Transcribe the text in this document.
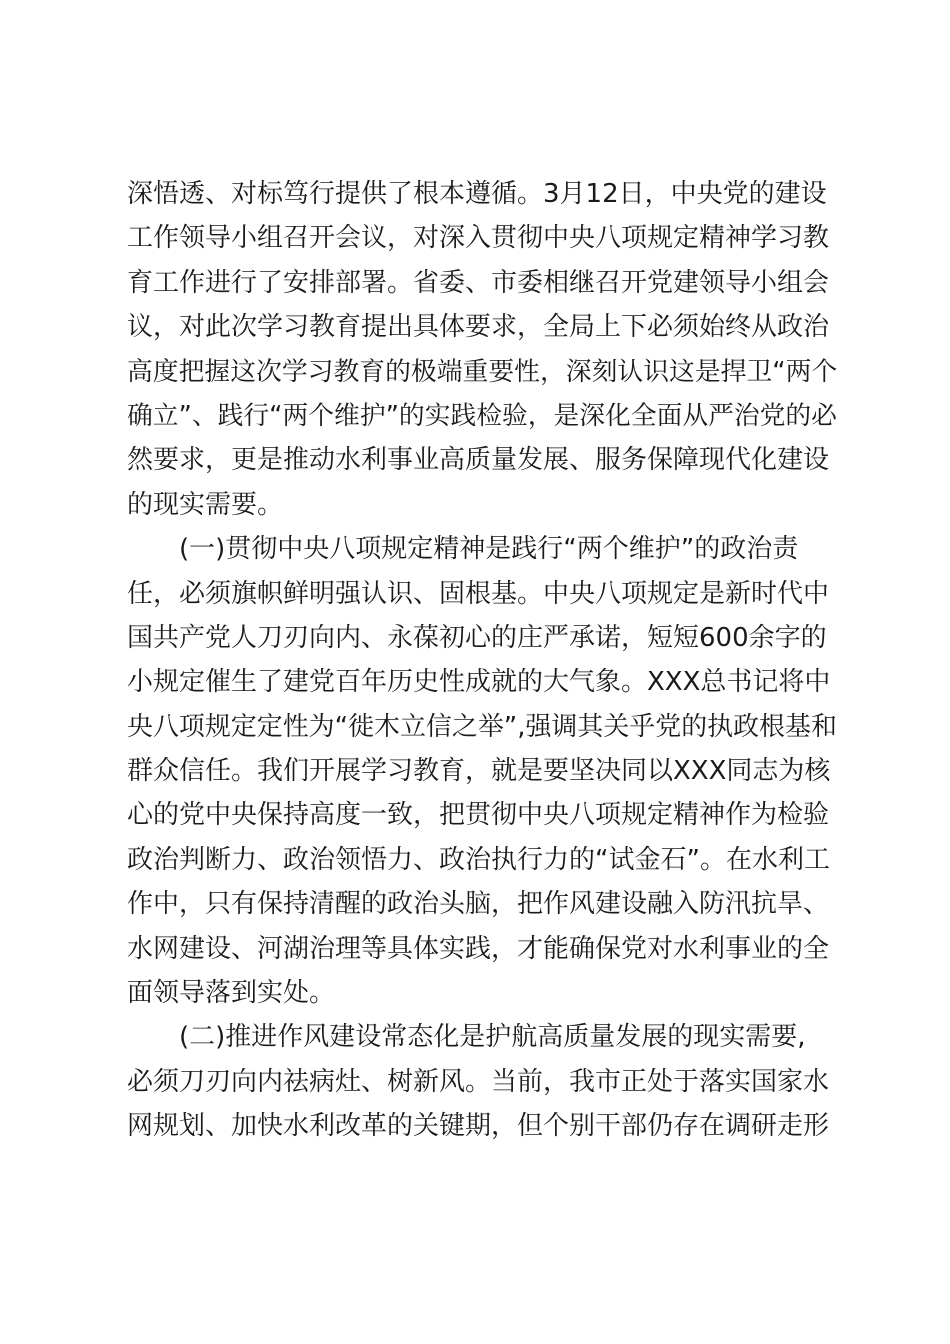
深悟透、对标笃行提供了根本遵循。3月12日，中央党的建设
工作领导小组召开会议，对深入贯彻中央八项规定精神学习教
育工作进行了安排部署。省委、市委相继召开党建领导小组会
议，对此次学习教育提出具体要求，全局上下必须始终从政治
高度把握这次学习教育的极端重要性，深刻认识这是捍卫“两个
确立”、践行“两个维护”的实践检验，是深化全面从严治党的必
然要求，更是推动水利事业高质量发展、服务保障现代化建设
的现实需要。
(一)贯彻中央八项规定精神是践行“两个维护”的政治责
任，必须旗帜鲜明强认识、固根基。中央八项规定是新时代中
国共产党人刀刃向内、永葆初心的庄严承诺，短短600余字的
小规定催生了建党百年历史性成就的大气象。XXX总书记将中
央八项规定定性为“徙木立信之举”,强调其关乎党的执政根基和
群众信任。我们开展学习教育，就是要坚决同以XXX同志为核
心的党中央保持高度一致，把贯彻中央八项规定精神作为检验
政治判断力、政治领悟力、政治执行力的“试金石”。在水利工
作中，只有保持清醒的政治头脑，把作风建设融入防汛抗旱、
水网建设、河湖治理等具体实践，才能确保党对水利事业的全
面领导落到实处。
(二)推进作风建设常态化是护航高质量发展的现实需要,
必须刀刃向内祛病灶、树新风。当前，我市正处于落实国家水
网规划、加快水利改革的关键期，但个别干部仍存在调研走形
